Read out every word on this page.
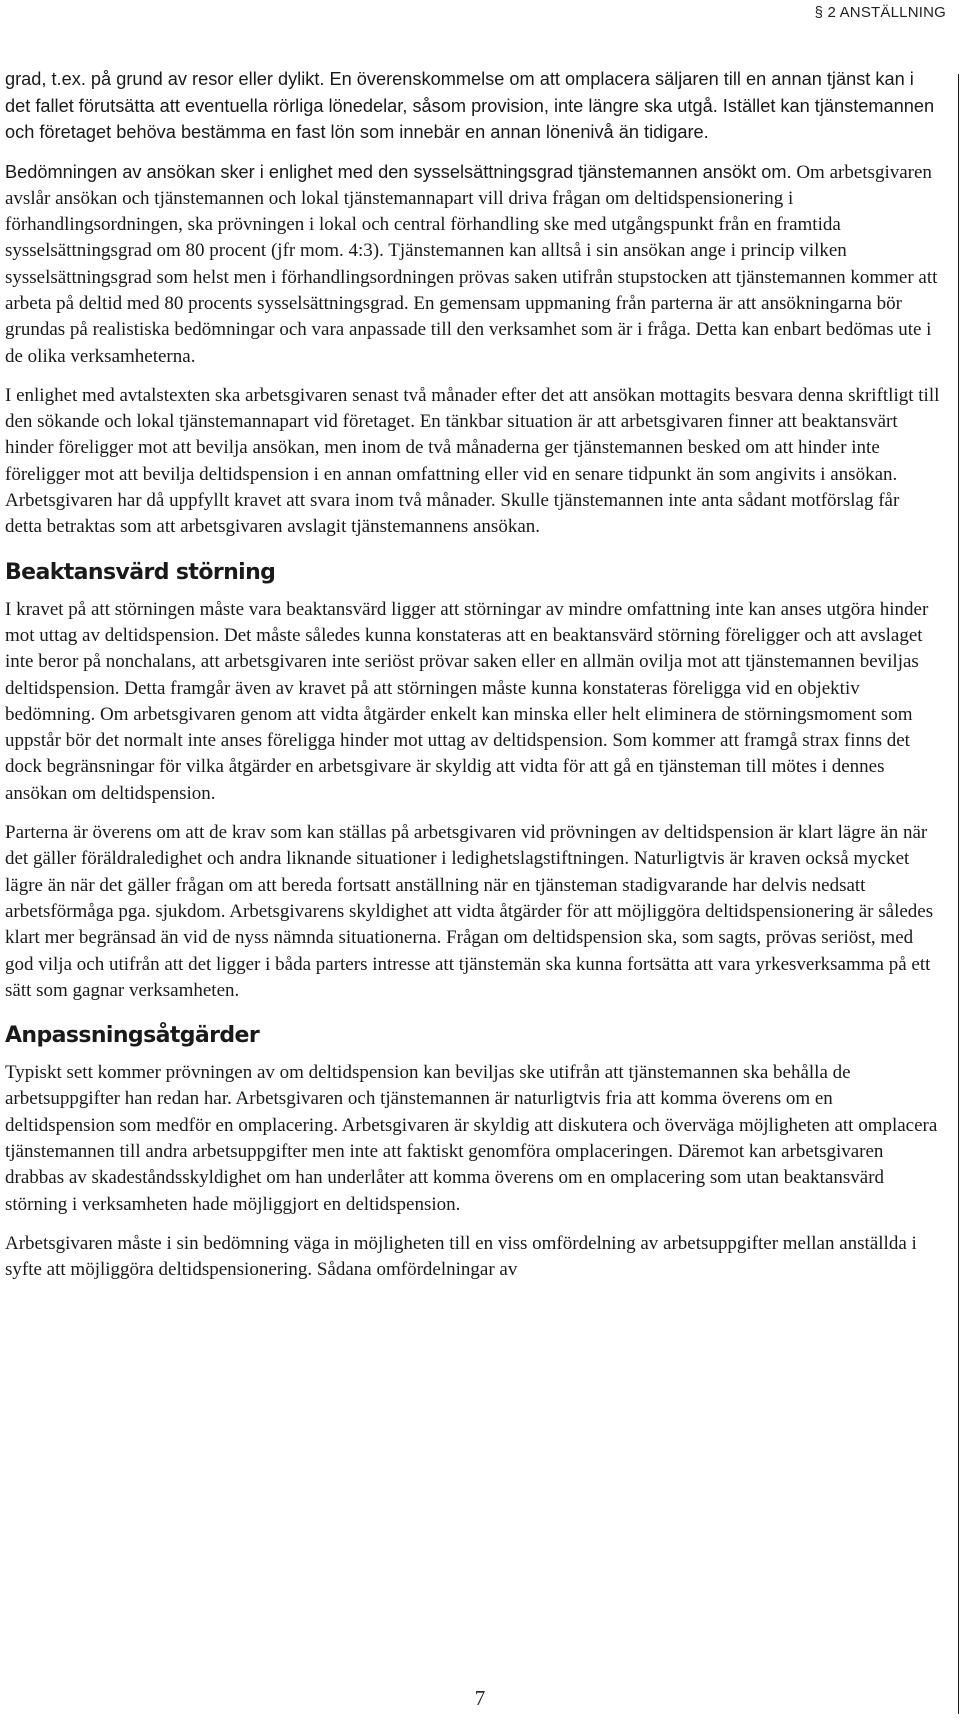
§ 2 ANSTÄLLNING

grad, t.ex. på grund av resor eller dylikt. En överenskommelse om att omplacera säljaren till en annan tjänst kan i det fallet förutsätta att eventuella rörliga lönedelar, såsom provision, inte längre ska utgå. Istället kan tjänstemannen och företaget behöva bestämma en fast lön som innebär en annan lönenivå än tidigare.

Bedömningen av ansökan sker i enlighet med den sysselsättningsgrad tjänstemannen ansökt om. Om arbetsgivaren avslår ansökan och tjänstemannen och lokal tjänstemannapart vill driva frågan om deltidspensionering i förhandlingsordningen, ska prövningen i lokal och central förhandling ske med utgångspunkt från en framtida sysselsättningsgrad om 80 procent (jfr mom. 4:3). Tjänstemannen kan alltså i sin ansökan ange i princip vilken sysselsättningsgrad som helst men i förhandlingsordningen prövas saken utifrån stupstocken att tjänstemannen kommer att arbeta på deltid med 80 procents sysselsättningsgrad. En gemensam uppmaning från parterna är att ansökningarna bör grundas på realistiska bedömningar och vara anpassade till den verksamhet som är i fråga. Detta kan enbart bedömas ute i de olika verksamheterna.

I enlighet med avtalstexten ska arbetsgivaren senast två månader efter det att ansökan mottagits besvara denna skriftligt till den sökande och lokal tjänstemannapart vid företaget. En tänkbar situation är att arbetsgivaren finner att beaktansvärt hinder föreligger mot att bevilja ansökan, men inom de två månaderna ger tjänstemannen besked om att hinder inte föreligger mot att bevilja deltidspension i en annan omfattning eller vid en senare tidpunkt än som angivits i ansökan. Arbetsgivaren har då uppfyllt kravet att svara inom två månader. Skulle tjänstemannen inte anta sådant motförslag får detta betraktas som att arbetsgivaren avslagit tjänstemannens ansökan.

Beaktansvärd störning

I kravet på att störningen måste vara beaktansvärd ligger att störningar av mindre omfattning inte kan anses utgöra hinder mot uttag av deltidspension. Det måste således kunna konstateras att en beaktansvärd störning föreligger och att avslaget inte beror på nonchalans, att arbetsgivaren inte seriöst prövar saken eller en allmän ovilja mot att tjänstemannen beviljas deltidspension. Detta framgår även av kravet på att störningen måste kunna konstateras föreligga vid en objektiv bedömning. Om arbetsgivaren genom att vidta åtgärder enkelt kan minska eller helt eliminera de störningsmoment som uppstår bör det normalt inte anses föreligga hinder mot uttag av deltidspension. Som kommer att framgå strax finns det dock begränsningar för vilka åtgärder en arbetsgivare är skyldig att vidta för att gå en tjänsteman till mötes i dennes ansökan om deltidspension.

Parterna är överens om att de krav som kan ställas på arbetsgivaren vid prövningen av deltidspension är klart lägre än när det gäller föräldraledighet och andra liknande situationer i ledighetslagstiftningen. Naturligtvis är kraven också mycket lägre än när det gäller frågan om att bereda fortsatt anställning när en tjänsteman stadigvarande har delvis nedsatt arbetsförmåga pga. sjukdom. Arbetsgivarens skyldighet att vidta åtgärder för att möjliggöra deltidspensionering är således klart mer begränsad än vid de nyss nämnda situationerna. Frågan om deltidspension ska, som sagts, prövas seriöst, med god vilja och utifrån att det ligger i båda parters intresse att tjänstemän ska kunna fortsätta att vara yrkesverksamma på ett sätt som gagnar verksamheten.

Anpassningsåtgärder

Typiskt sett kommer prövningen av om deltidspension kan beviljas ske utifrån att tjänstemannen ska behålla de arbetsuppgifter han redan har. Arbetsgivaren och tjänstemannen är naturligtvis fria att komma överens om en deltidspension som medför en omplacering. Arbetsgivaren är skyldig att diskutera och överväga möjligheten att omplacera tjänstemannen till andra arbetsuppgifter men inte att faktiskt genomföra omplaceringen. Däremot kan arbetsgivaren drabbas av skadeståndsskyldighet om han underlåter att komma överens om en omplacering som utan beaktansvärd störning i verksamheten hade möjliggjort en deltidspension.

Arbetsgivaren måste i sin bedömning väga in möjligheten till en viss omfördelning av arbetsuppgifter mellan anställda i syfte att möjliggöra deltidspensionering. Sådana omfördelningar av

7
